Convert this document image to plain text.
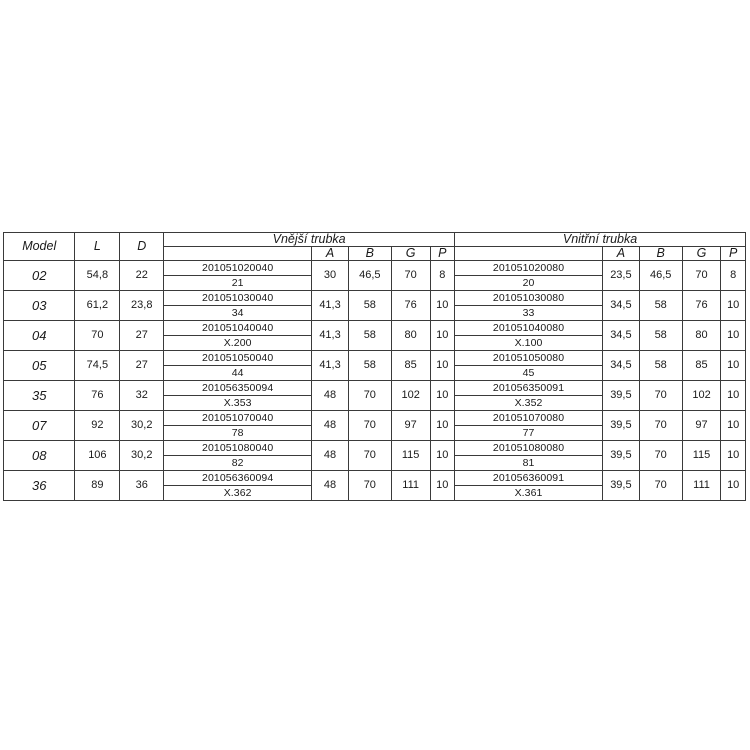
Model	L	D	Vnější trubka					Vnitřní trubka				
				A	B	G	P		A	B	G	P
02	54,8	22	201051020040	30	46,5	70	8	201051020080	23,5	46,5	70	8
			21					20				
03	61,2	23,8	201051030040	41,3	58	76	10	201051030080	34,5	58	76	10
			34					33				
04	70	27	201051040040	41,3	58	80	10	201051040080	34,5	58	80	10
			X.200					X.100				
05	74,5	27	201051050040	41,3	58	85	10	201051050080	34,5	58	85	10
			44					45				
35	76	32	201056350094	48	70	102	10	201056350091	39,5	70	102	10
			X.353					X.352				
07	92	30,2	201051070040	48	70	97	10	201051070080	39,5	70	97	10
			78					77				
08	106	30,2	201051080040	48	70	115	10	201051080080	39,5	70	115	10
			82					81				
36	89	36	201056360094	48	70	111	10	201056360091	39,5	70	111	10
			X.362					X.361				
